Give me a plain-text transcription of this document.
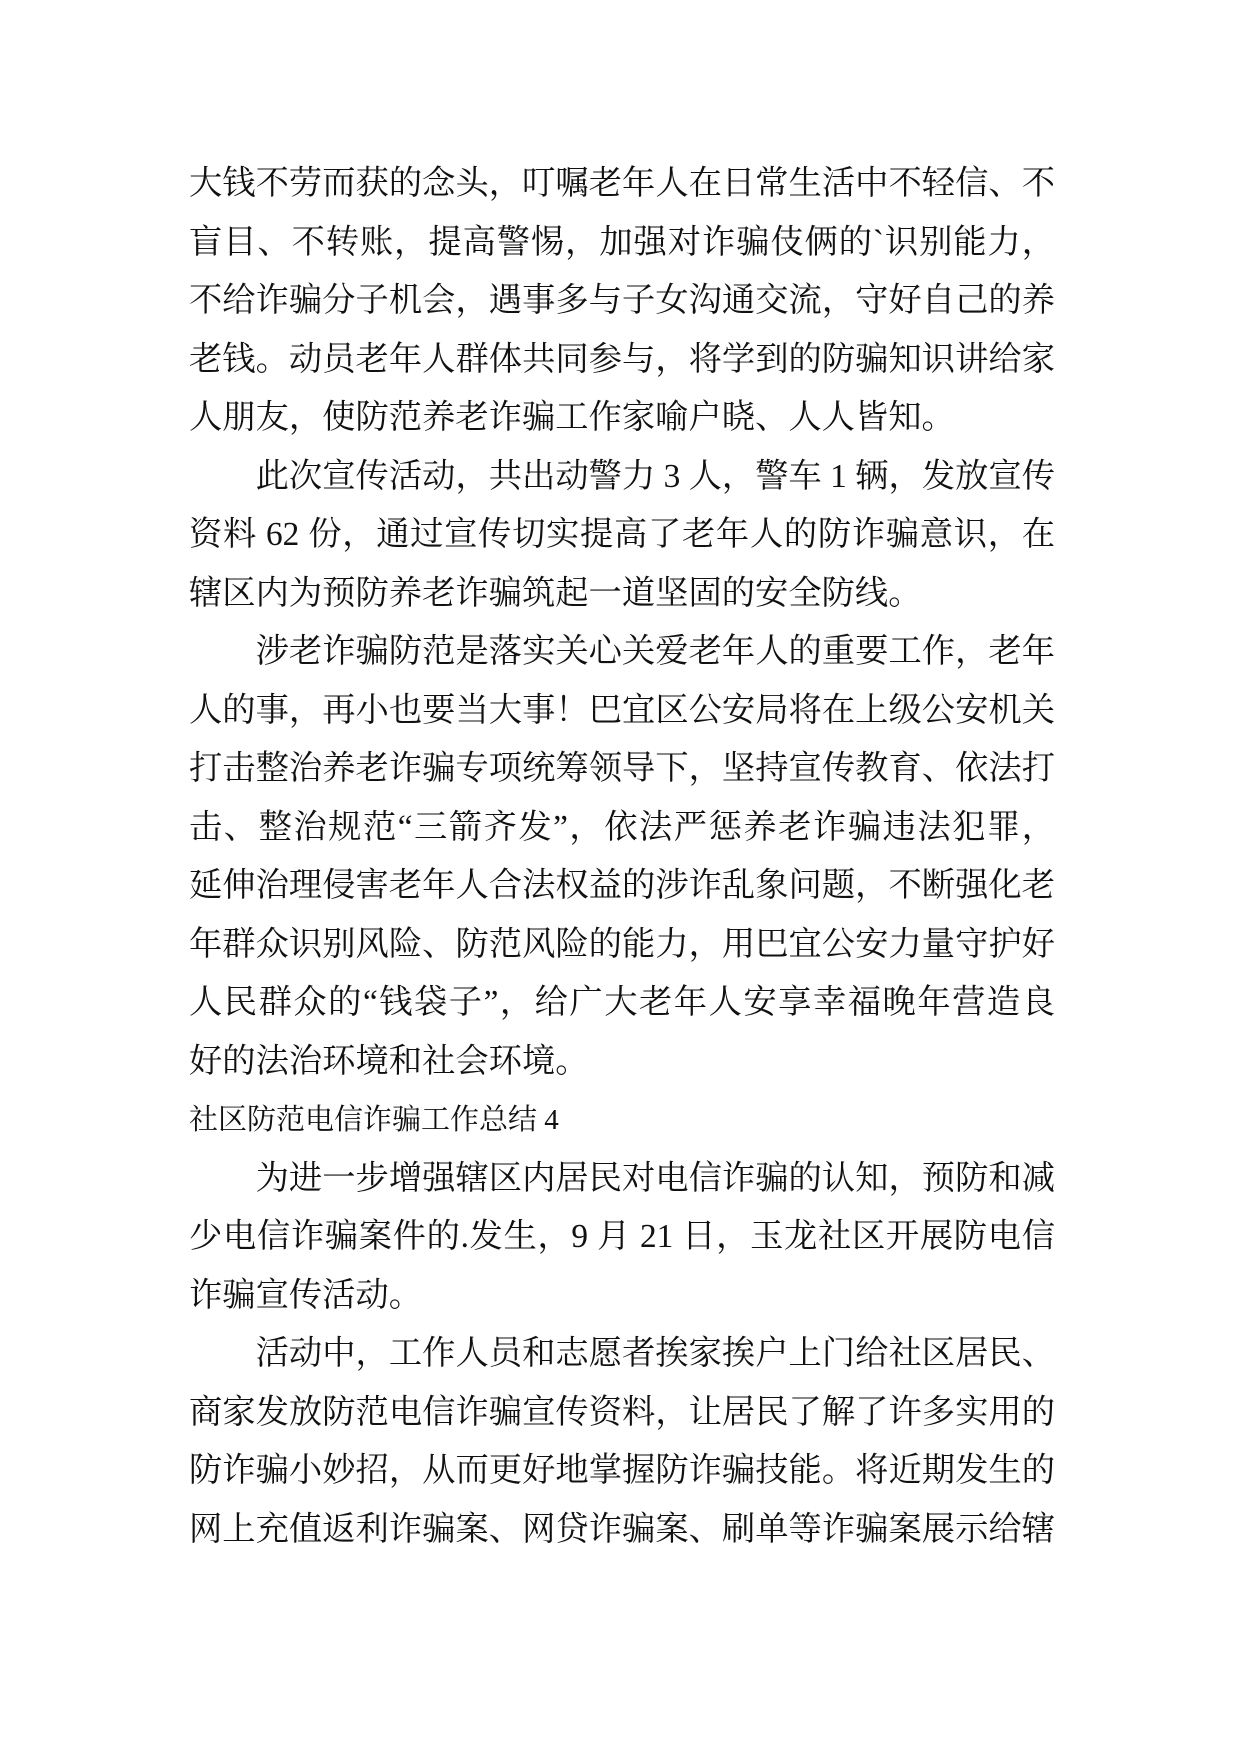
大钱不劳而获的念头，叮嘱老年人在日常生活中不轻信、不
盲目、不转账，提高警惕，加强对诈骗伎俩的`识别能力，
不给诈骗分子机会，遇事多与子女沟通交流，守好自己的养
老钱。动员老年人群体共同参与，将学到的防骗知识讲给家
人朋友，使防范养老诈骗工作家喻户晓、人人皆知。
此次宣传活动，共出动警力 3 人，警车 1 辆，发放宣传
资料 62 份，通过宣传切实提高了老年人的防诈骗意识，在
辖区内为预防养老诈骗筑起一道坚固的安全防线。
涉老诈骗防范是落实关心关爱老年人的重要工作，老年
人的事，再小也要当大事！巴宜区公安局将在上级公安机关
打击整治养老诈骗专项统筹领导下，坚持宣传教育、依法打
击、整治规范“三箭齐发”，依法严惩养老诈骗违法犯罪，
延伸治理侵害老年人合法权益的涉诈乱象问题，不断强化老
年群众识别风险、防范风险的能力，用巴宜公安力量守护好
人民群众的“钱袋子”，给广大老年人安享幸福晚年营造良
好的法治环境和社会环境。
社区防范电信诈骗工作总结 4
为进一步增强辖区内居民对电信诈骗的认知，预防和减
少电信诈骗案件的.发生，9 月 21 日，玉龙社区开展防电信
诈骗宣传活动。
活动中，工作人员和志愿者挨家挨户上门给社区居民、
商家发放防范电信诈骗宣传资料，让居民了解了许多实用的
防诈骗小妙招，从而更好地掌握防诈骗技能。将近期发生的
网上充值返利诈骗案、网贷诈骗案、刷单等诈骗案展示给辖
